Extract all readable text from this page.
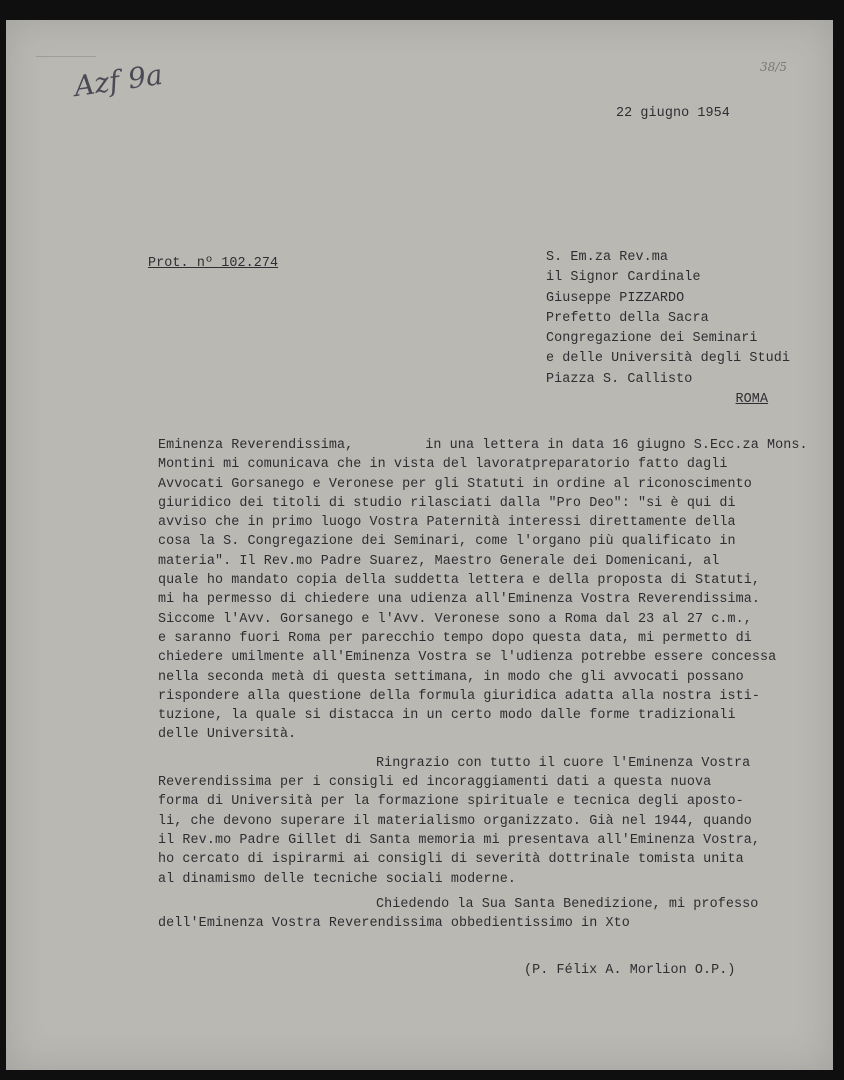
Azf 9a	38/5
22 giugno 1954
Prot. nº 102.274	S. Em.za Rev.ma
il Signor Cardinale
Giuseppe PIZZARDO
Prefetto della Sacra
Congregazione dei Seminari
e delle Università degli Studi
Piazza S. Callisto
ROMA
Eminenza Reverendissima,	in una lettera in data 16 giugno S.Ecc.za Mons.
Montini mi comunicava che in vista del lavoratpreparatorio fatto dagli
Avvocati Gorsanego e Veronese per gli Statuti in ordine al riconoscimento
giuridico dei titoli di studio rilasciati dalla "Pro Deo": "si è qui di
avviso che in primo luogo Vostra Paternità interessi direttamente della
cosa la S. Congregazione dei Seminari, come l'organo più qualificato in
materia". Il Rev.mo Padre Suarez, Maestro Generale dei Domenicani, al
quale ho mandato copia della suddetta lettera e della proposta di Statuti,
mi ha permesso di chiedere una udienza all'Eminenza Vostra Reverendissima.
Siccome l'Avv. Gorsanego e l'Avv. Veronese sono a Roma dal 23 al 27 c.m.,
e saranno fuori Roma per parecchio tempo dopo questa data, mi permetto di
chiedere umilmente all'Eminenza Vostra se l'udienza potrebbe essere concessa
nella seconda metà di questa settimana, in modo che gli avvocati possano
rispondere alla questione della formula giuridica adatta alla nostra isti-
tuzione, la quale si distacca in un certo modo dalle forme tradizionali
delle Università.
Ringrazio con tutto il cuore l'Eminenza Vostra
Reverendissima per i consigli ed incoraggiamenti dati a questa nuova
forma di Università per la formazione spirituale e tecnica degli aposto-
li, che devono superare il materialismo organizzato. Già nel 1944, quando
il Rev.mo Padre Gillet di Santa memoria mi presentava all'Eminenza Vostra,
ho cercato di ispirarmi ai consigli di severità dottrinale tomista unita
al dinamismo delle tecniche sociali moderne.
Chiedendo la Sua Santa Benedizione, mi professo
dell'Eminenza Vostra Reverendissima obbedientissimo in Xto
(P. Félix A. Morlion O.P.)
